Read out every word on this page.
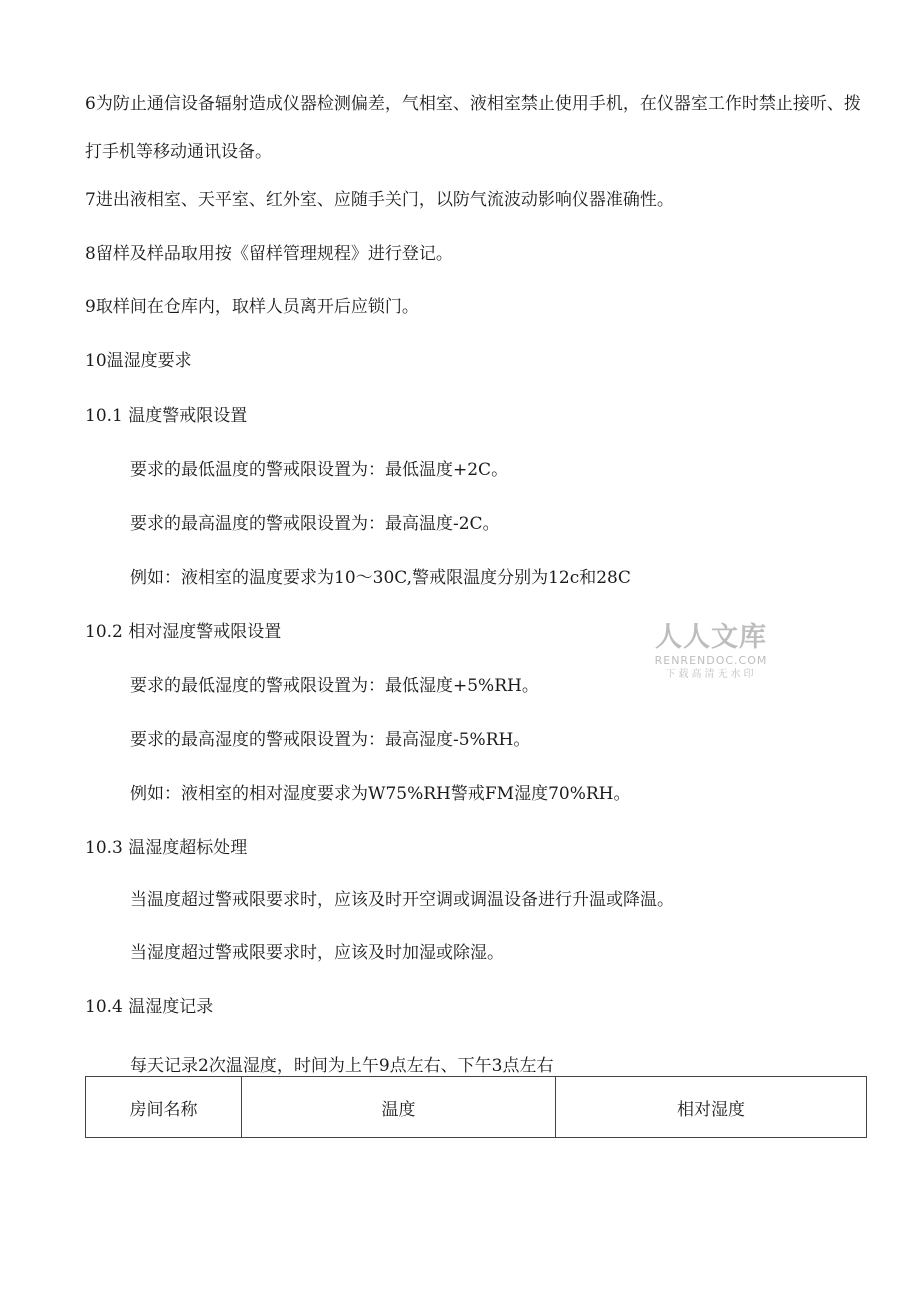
6为防止通信设备辐射造成仪器检测偏差，气相室、液相室禁止使用手机，在仪器室工作时禁止接听、拨打手机等移动通讯设备。

7进出液相室、天平室、红外室、应随手关门，以防气流波动影响仪器准确性。

8留样及样品取用按《留样管理规程》进行登记。

9取样间在仓库内，取样人员离开后应锁门。

10温湿度要求

10.1 温度警戒限设置

要求的最低温度的警戒限设置为：最低温度+2C。

要求的最高温度的警戒限设置为：最高温度-2C。

例如：液相室的温度要求为10～30C,警戒限温度分别为12c和28C

10.2 相对湿度警戒限设置

要求的最低湿度的警戒限设置为：最低湿度+5%RH。

要求的最高湿度的警戒限设置为：最高湿度-5%RH。

例如：液相室的相对湿度要求为W75%RH警戒FM湿度70%RH。

10.3 温湿度超标处理

当温度超过警戒限要求时，应该及时开空调或调温设备进行升温或降温。

当湿度超过警戒限要求时，应该及时加湿或除湿。

10.4 温湿度记录

每天记录2次温湿度，时间为上午9点左右、下午3点左右

房间名称	温度	相对湿度
人人文库
RENRENDOC.COM
下载高清无水印
